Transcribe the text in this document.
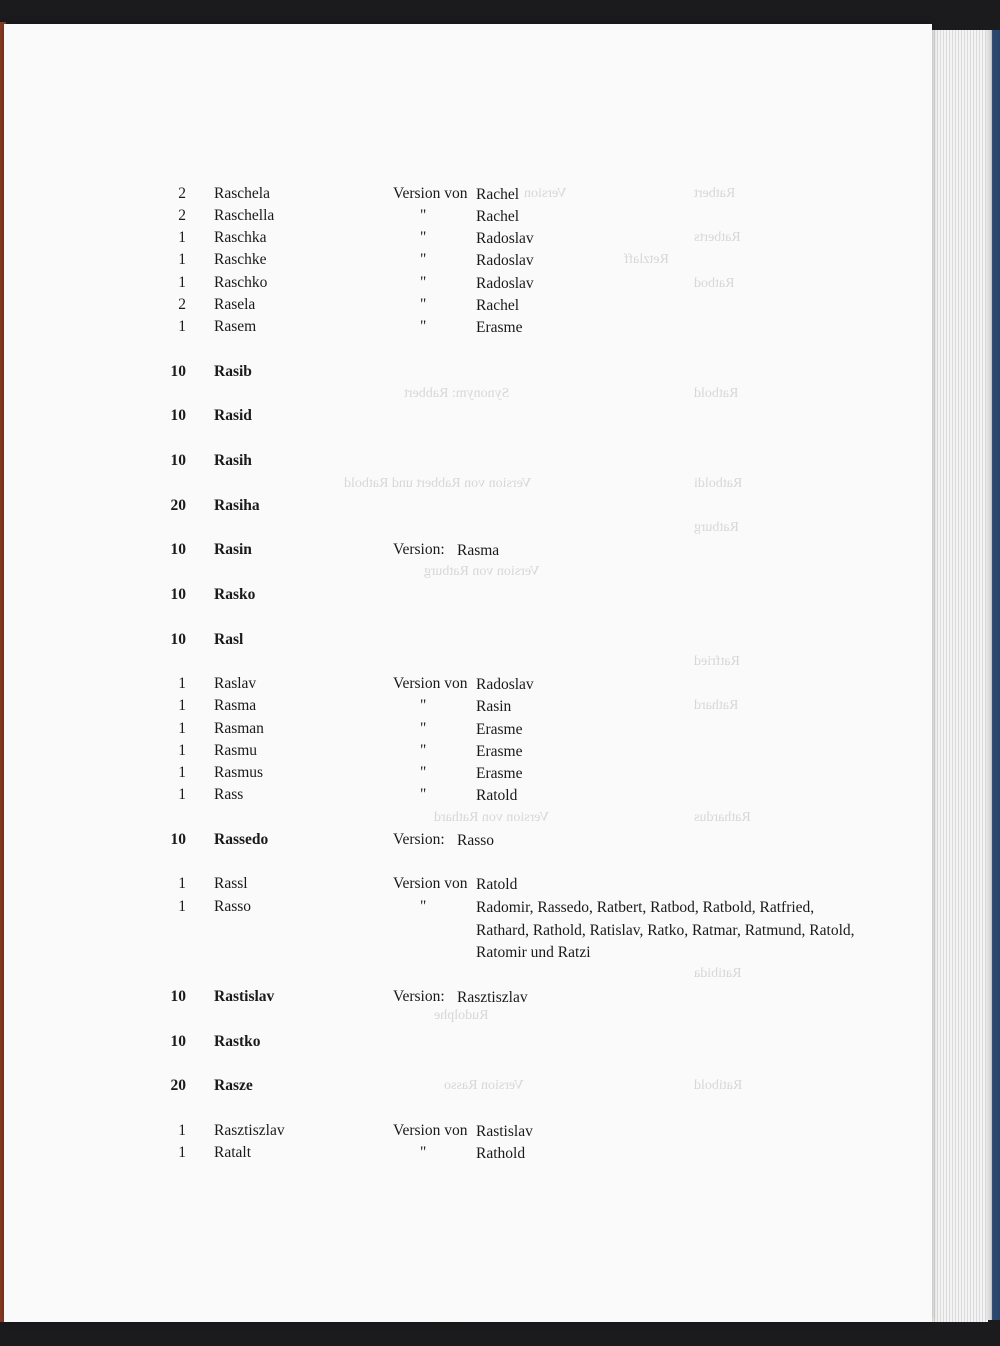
Version	Ratbert
Ratberts
Ratbod
Retzlaff
Synonym: Rabbert	Ratbold
Version von Rabbert und Ratbold	Ratboldi
Ratburg
Version von Ratburg
Ratfried
Rathard
Version von Rathard	Rathardus
Ratibida
Rudolphe
Ratibold
Version Rasso
2 Raschela	Version von Rachel
2 Raschella	"	Rachel
1 Raschka	"	Radoslav
1 Raschke	"	Radoslav
1 Raschko	"	Radoslav
2 Rasela	"	Rachel
1 Rasem	"	Erasme
10 Rasib
10 Rasid
10 Rasih
20 Rasiha
10 Rasin	Version: Rasma
10 Rasko
10 Rasl
1 Raslav	Version von Radoslav
1 Rasma	"	Rasin
1 Rasman	"	Erasme
1 Rasmu	"	Erasme
1 Rasmus	"	Erasme
1 Rass	"	Ratold
10 Rassedo	Version: Rasso
1 Rassl	Version von Ratold
1 Rasso	"	Radomir, Rassedo, Ratbert, Ratbod, Ratbold, Ratfried, Rathard, Rathold, Ratislav, Ratko, Ratmar, Ratmund, Ratold, Ratomir und Ratzi
10 Rastislav	Version: Rasztiszlav
10 Rastko
20 Rasze
1 Rasztiszlav	Version von Rastislav
1 Ratalt	"	Rathold
- 877 -
